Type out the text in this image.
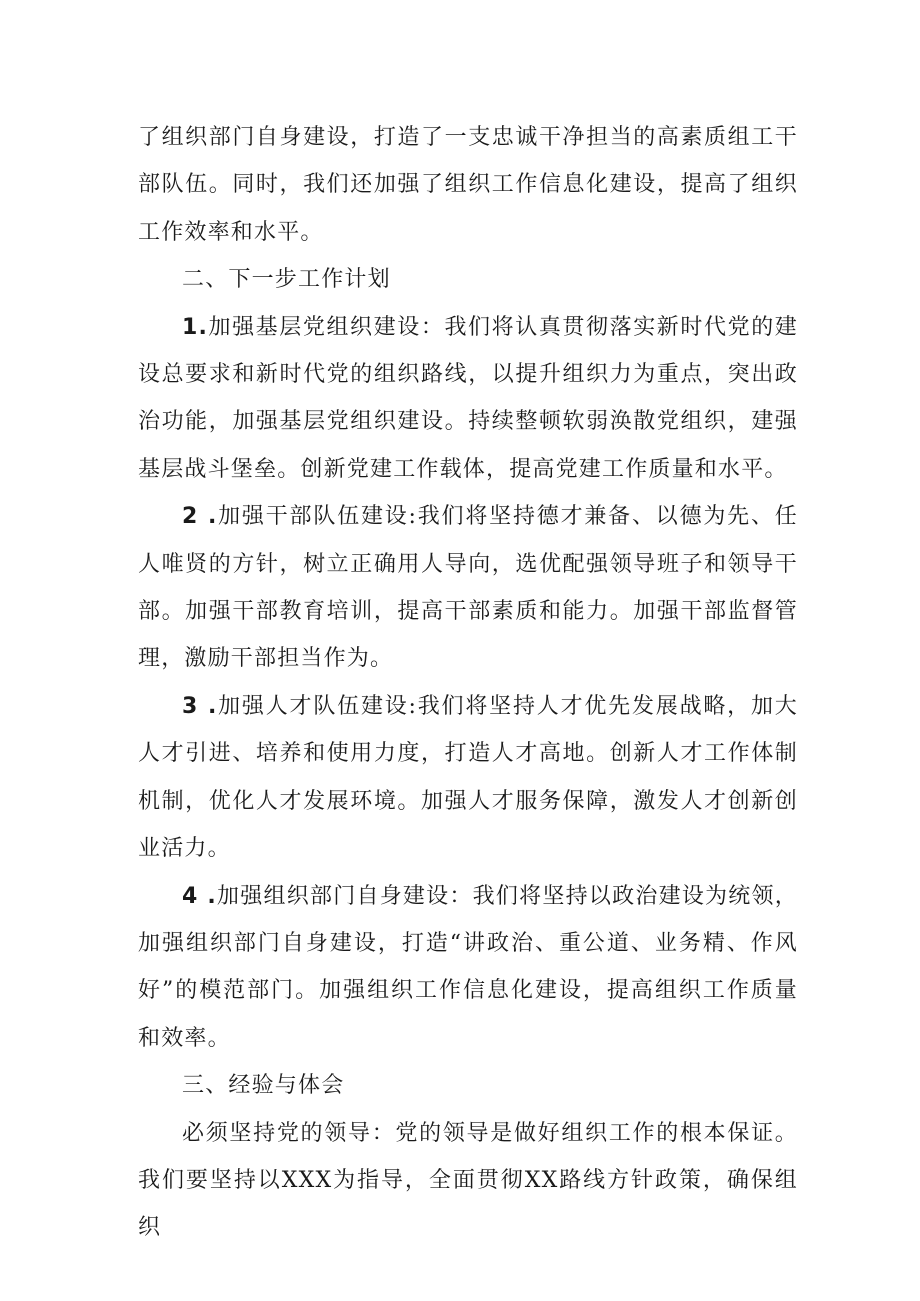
了组织部门自身建设，打造了一支忠诚干净担当的高素质组工干部队伍。同时，我们还加强了组织工作信息化建设，提高了组织工作效率和水平。

二、下一步工作计划

1.加强基层党组织建设：我们将认真贯彻落实新时代党的建设总要求和新时代党的组织路线，以提升组织力为重点，突出政治功能，加强基层党组织建设。持续整顿软弱涣散党组织，建强基层战斗堡垒。创新党建工作载体，提高党建工作质量和水平。

2 .加强干部队伍建设:我们将坚持德才兼备、以德为先、任人唯贤的方针，树立正确用人导向，选优配强领导班子和领导干部。加强干部教育培训，提高干部素质和能力。加强干部监督管理，激励干部担当作为。

3 .加强人才队伍建设:我们将坚持人才优先发展战略，加大人才引进、培养和使用力度，打造人才高地。创新人才工作体制机制，优化人才发展环境。加强人才服务保障，激发人才创新创业活力。

4 .加强组织部门自身建设：我们将坚持以政治建设为统领，加强组织部门自身建设，打造“讲政治、重公道、业务精、作风好”的模范部门。加强组织工作信息化建设，提高组织工作质量和效率。

三、经验与体会

必须坚持党的领导：党的领导是做好组织工作的根本保证。我们要坚持以XXX为指导，全面贯彻XX路线方针政策，确保组织
